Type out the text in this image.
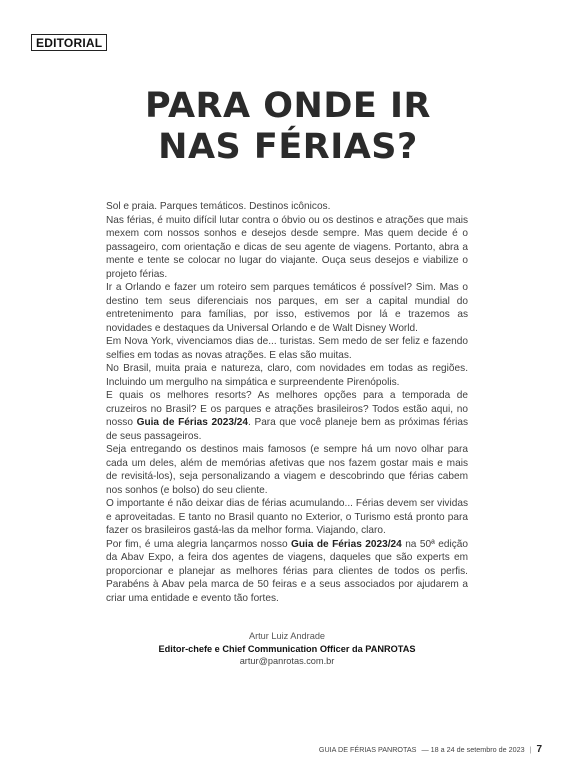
EDITORIAL
PARA ONDE IR
NAS FÉRIAS?

Sol e praia. Parques temáticos. Destinos icônicos.

Nas férias, é muito difícil lutar contra o óbvio ou os destinos e atrações que mais mexem com nossos sonhos e desejos desde sempre. Mas quem decide é o passageiro, com orientação e dicas de seu agente de viagens. Portanto, abra a mente e tente se colocar no lugar do viajante. Ouça seus desejos e viabilize o projeto férias.

Ir a Orlando e fazer um roteiro sem parques temáticos é possível? Sim. Mas o destino tem seus diferenciais nos parques, em ser a capital mundial do entretenimento para famílias, por isso, estivemos por lá e trazemos as novidades e destaques da Universal Orlando e de Walt Disney World.

Em Nova York, vivenciamos dias de... turistas. Sem medo de ser feliz e fazendo selfies em todas as novas atrações. E elas são muitas.

No Brasil, muita praia e natureza, claro, com novidades em todas as regiões. Incluindo um mergulho na simpática e surpreendente Pirenópolis.

E quais os melhores resorts? As melhores opções para a temporada de cruzeiros no Brasil? E os parques e atrações brasileiros? Todos estão aqui, no nosso Guia de Férias 2023/24. Para que você planeje bem as próximas férias de seus passageiros.

Seja entregando os destinos mais famosos (e sempre há um novo olhar para cada um deles, além de memórias afetivas que nos fazem gostar mais e mais de revisitá-los), seja personalizando a viagem e descobrindo que férias cabem nos sonhos (e bolso) do seu cliente.

O importante é não deixar dias de férias acumulando... Férias devem ser vividas e aproveitadas. E tanto no Brasil quanto no Exterior, o Turismo está pronto para fazer os brasileiros gastá-las da melhor forma. Viajando, claro.

Por fim, é uma alegria lançarmos nosso Guia de Férias 2023/24 na 50ª edição da Abav Expo, a feira dos agentes de viagens, daqueles que são experts em proporcionar e planejar as melhores férias para clientes de todos os perfis. Parabéns à Abav pela marca de 50 feiras e a seus associados por ajudarem a criar uma entidade e evento tão fortes.

Artur Luiz Andrade
Editor-chefe e Chief Communication Officer da PANROTAS
artur@panrotas.com.br
GUIA DE FÉRIAS PANROTAS — 18 a 24 de setembro de 2023 | 7
